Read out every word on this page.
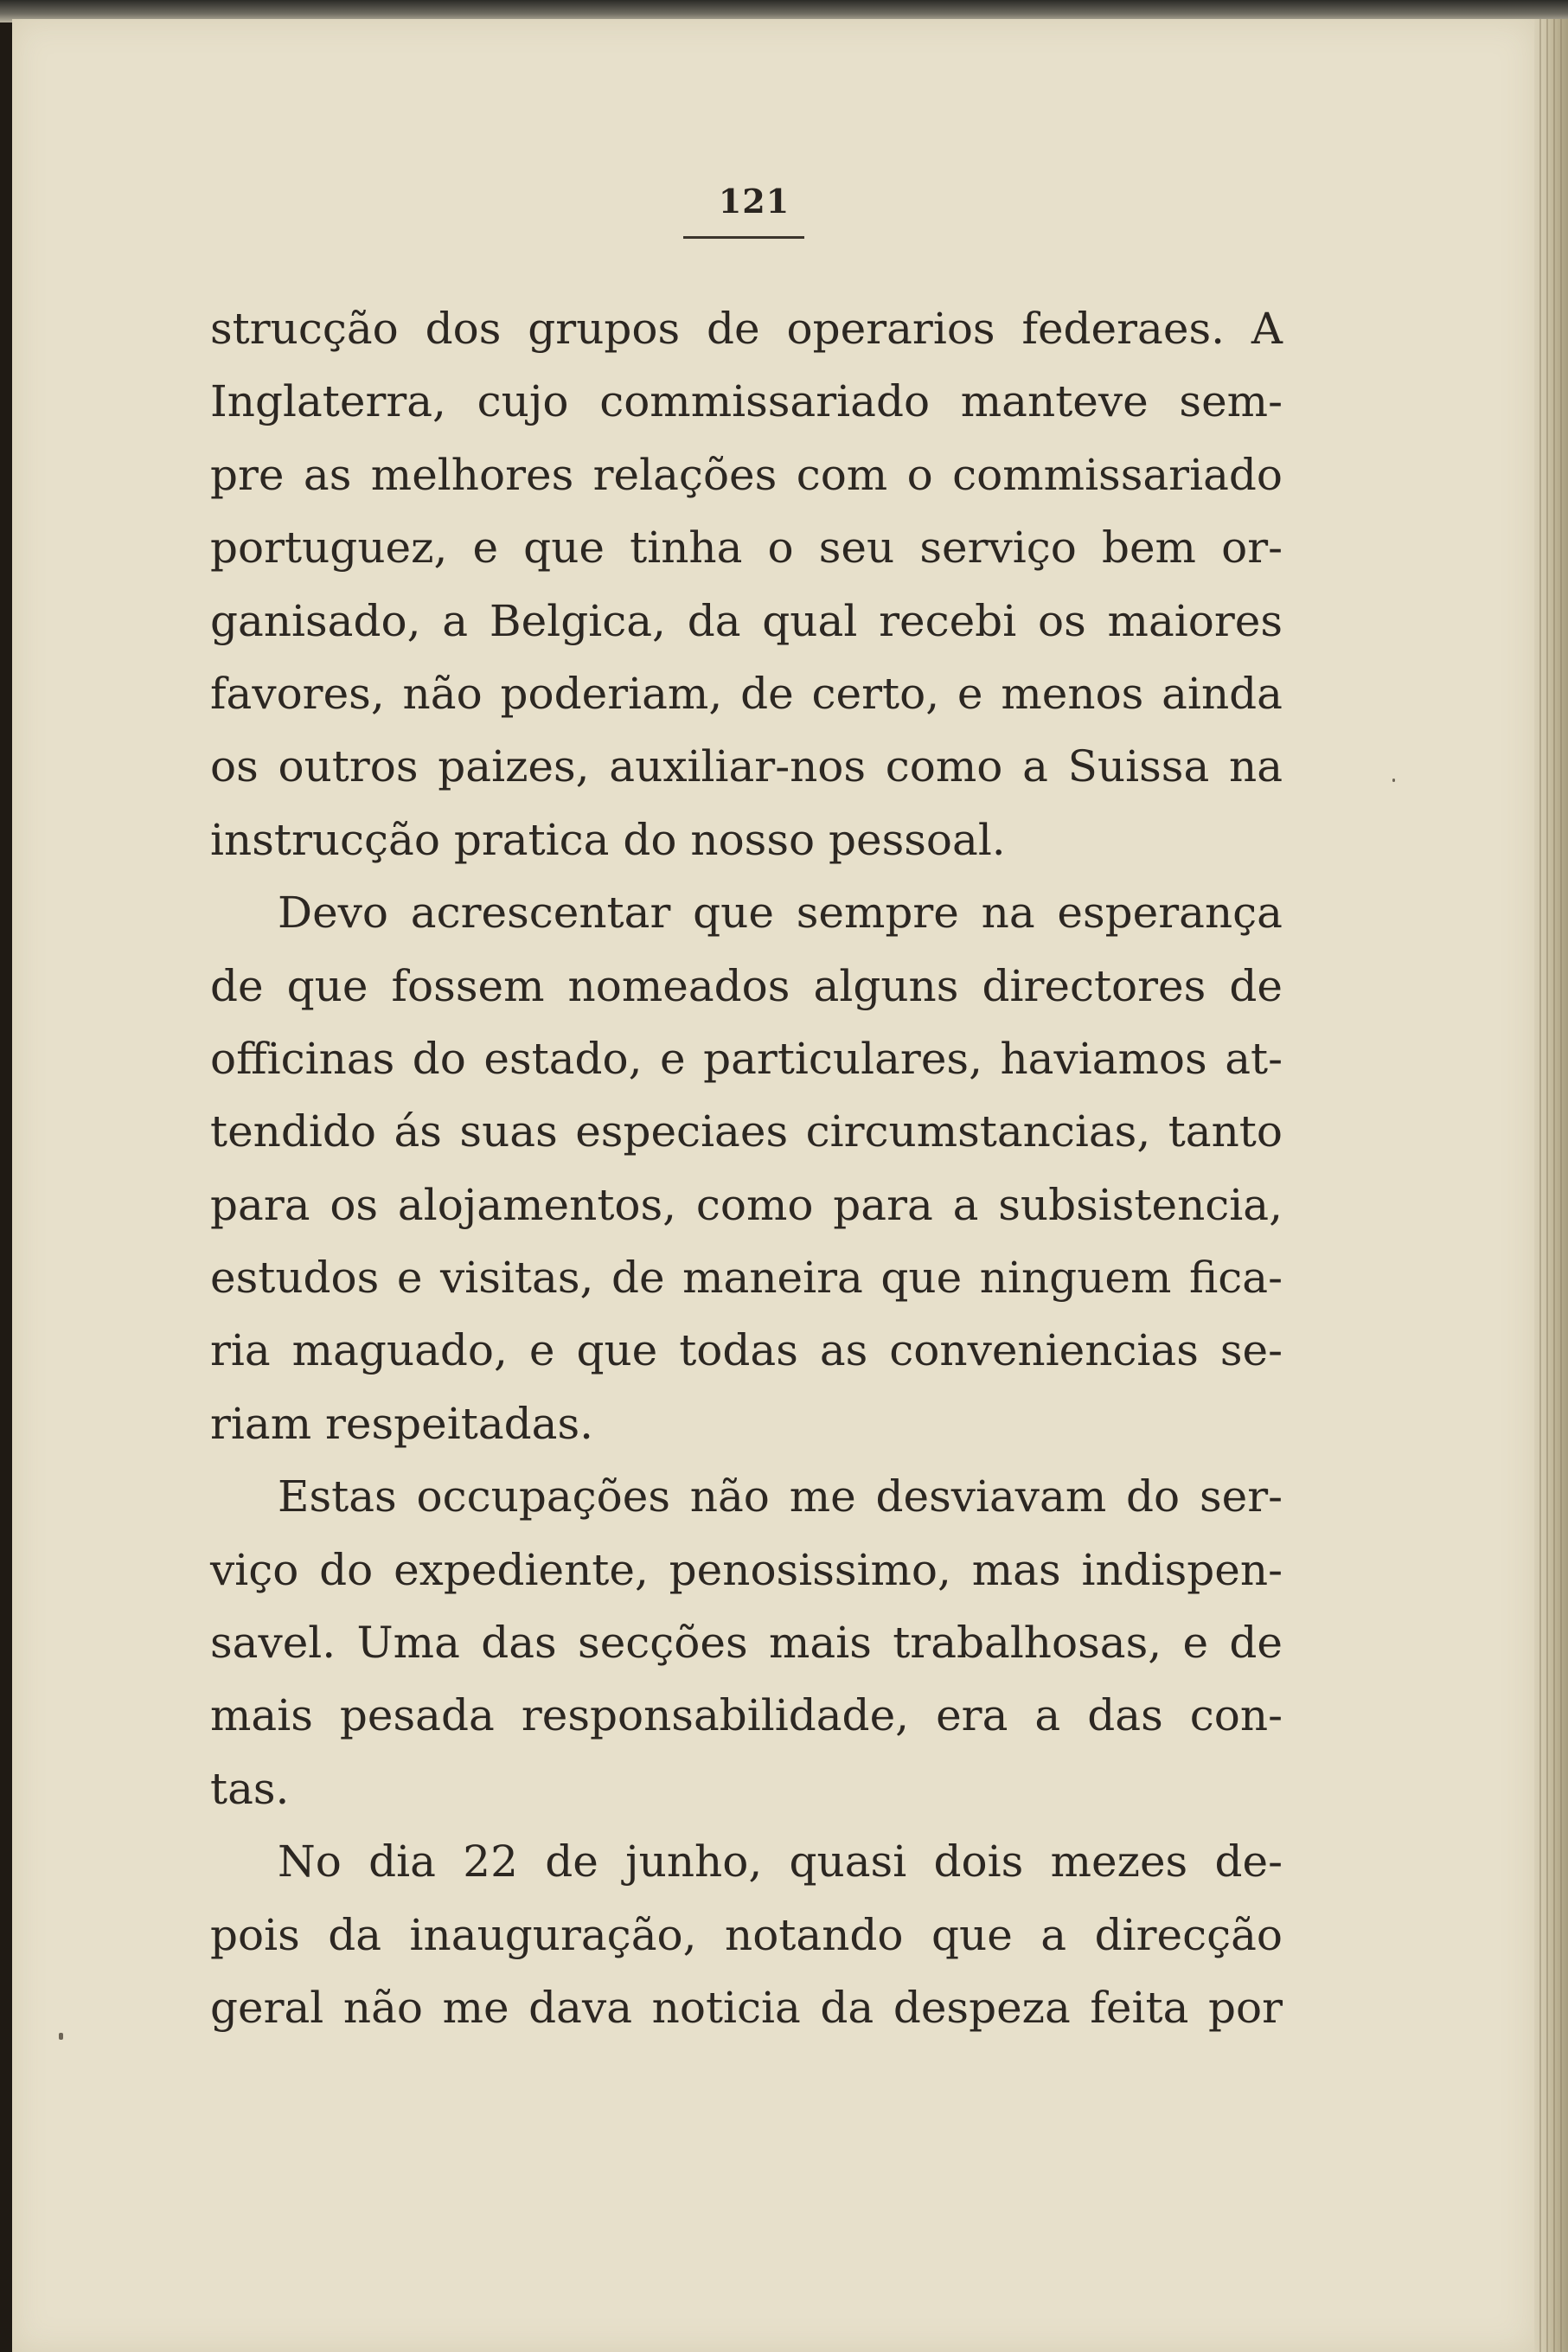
121
strucção dos grupos de operarios federaes. A
Inglaterra, cujo commissariado manteve sem-
pre as melhores relações com o commissariado
portuguez, e que tinha o seu serviço bem or-
ganisado, a Belgica, da qual recebi os maiores
favores, não poderiam, de certo, e menos ainda
os outros paizes, auxiliar-nos como a Suissa na
instrucção pratica do nosso pessoal.
Devo acrescentar que sempre na esperança
de que fossem nomeados alguns directores de
officinas do estado, e particulares, haviamos at-
tendido ás suas especiaes circumstancias, tanto
para os alojamentos, como para a subsistencia,
estudos e visitas, de maneira que ninguem fica-
ria maguado, e que todas as conveniencias se-
riam respeitadas.
Estas occupações não me desviavam do ser-
viço do expediente, penosissimo, mas indispen-
savel. Uma das secções mais trabalhosas, e de
mais pesada responsabilidade, era a das con-
tas.
No dia 22 de junho, quasi dois mezes de-
pois da inauguração, notando que a direcção
geral não me dava noticia da despeza feita por
